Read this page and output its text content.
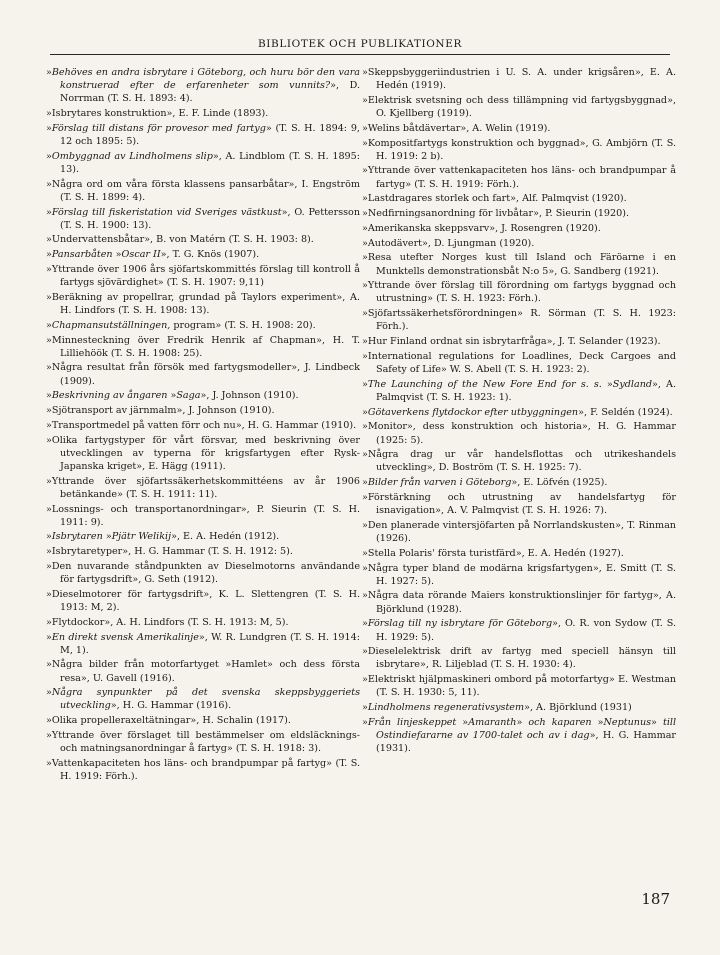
BIBLIOTEK OCH PUBLIKATIONER

»Behöves en andra isbrytare i Göteborg, och huru bör den vara konstruerad efter de erfarenheter som vunnits?», D. Norrman (T. S. H. 1893: 4).

»Isbrytares konstruktion», E. F. Linde (1893).

»Förslag till distans för provesor med fartyg» (T. S. H. 1894: 9, 12 och 1895: 5).

»Ombyggnad av Lindholmens slip», A. Lindblom (T. S. H. 1895: 13).

»Några ord om våra första klassens pansarbåtar», I. Engström (T. S. H. 1899: 4).

»Förslag till fiskeristation vid Sveriges västkust», O. Pettersson (T. S. H. 1900: 13).

»Undervattensbåtar», B. von Matérn (T. S. H. 1903: 8).

»Pansarbåten »Oscar II», T. G. Knös (1907).

»Yttrande över 1906 års sjöfartskommittés förslag till kontroll å fartygs sjövärdighet» (T. S. H. 1907: 9,11)

»Beräkning av propellrar, grundad på Taylors experiment», A. H. Lindfors (T. S. H. 1908: 13).

»Chapmansutställningen, program» (T. S. H. 1908: 20).

»Minnesteckning över Fredrik Henrik af Chapman», H. T. Lilliehöök (T. S. H. 1908: 25).

»Några resultat från försök med fartygsmodeller», J. Lindbeck (1909).

»Beskrivning av ångaren »Saga», J. Johnson (1910).

»Sjötransport av järnmalm», J. Johnson (1910).

»Transportmedel på vatten förr och nu», H. G. Hammar (1910).

»Olika fartygstyper för vårt försvar, med beskrivning över utvecklingen av typerna för krigsfartygen efter Rysk-Japanska kriget», E. Hägg (1911).

»Yttrande över sjöfartssäkerhetskommittéens av år 1906 betänkande» (T. S. H. 1911: 11).

»Lossnings- och transportanordningar», P. Sieurin (T. S. H. 1911: 9).

»Isbrytaren »Pjätr Welikij», E. A. Hedén (1912).

»Isbrytaretyper», H. G. Hammar (T. S. H. 1912: 5).

»Den nuvarande ståndpunkten av Dieselmotorns användande för fartygsdrift», G. Seth (1912).

»Dieselmotorer för fartygsdrift», K. L. Slettengren (T. S. H. 1913: M, 2).

»Flytdockor», A. H. Lindfors (T. S. H. 1913: M, 5).

»En direkt svensk Amerikalinje», W. R. Lundgren (T. S. H. 1914: M, 1).

»Några bilder från motorfartyget »Hamlet» och dess första resa», U. Gavell (1916).

»Några synpunkter på det svenska skeppsbyggeriets utveckling», H. G. Hammar (1916).

»Olika propelleraxeltätningar», H. Schalin (1917).

»Yttrande över förslaget till bestämmelser om eldsläcknings- och matningsanordningar å fartyg» (T. S. H. 1918: 3).

»Vattenkapaciteten hos läns- och brandpumpar på fartyg» (T. S. H. 1919: Förh.).

»Skeppsbyggeriindustrien i U. S. A. under krigsåren», E. A. Hedén (1919).

»Elektrisk svetsning och dess tillämpning vid fartygsbyggnad», O. Kjellberg (1919).

»Welins båtdävertar», A. Welin (1919).

»Kompositfartygs konstruktion och byggnad», G. Ambjörn (T. S. H. 1919: 2 b).

»Yttrande över vattenkapaciteten hos läns- och brandpumpar å fartyg» (T. S. H. 1919: Förh.).

»Lastdragares storlek och fart», Alf. Palmqvist (1920).

»Nedfirningsanordning för livbåtar», P. Sieurin (1920).

»Amerikanska skeppsvarv», J. Rosengren (1920).

»Autodävert», D. Ljungman (1920).

»Resa utefter Norges kust till Island och Färöarne i en Munktells demonstrationsbåt N:o 5», G. Sandberg (1921).

»Yttrande över förslag till förordning om fartygs byggnad och utrustning» (T. S. H. 1923: Förh.).

»Sjöfartssäkerhetsförordningen» R. Sörman (T. S. H. 1923: Förh.).

»Hur Finland ordnat sin isbrytarfråga», J. T. Selander (1923).

»International regulations for Loadlines, Deck Cargoes and Safety of Life» W. S. Abell (T. S. H. 1923: 2).

»The Launching of the New Fore End for s. s. »Sydland», A. Palmqvist (T. S. H. 1923: 1).

»Götaverkens flytdockor efter utbyggningen», F. Seldén (1924).

»Monitor», dess konstruktion och historia», H. G. Hammar (1925: 5).

»Några drag ur vår handelsflottas och utrikeshandels utveckling», D. Boström (T. S. H. 1925: 7).

»Bilder från varven i Göteborg», E. Löfvén (1925).

»Förstärkning och utrustning av handelsfartyg för isnavigation», A. V. Palmqvist (T. S. H. 1926: 7).

»Den planerade vintersjöfarten på Norrlandskusten», T. Rinman (1926).

»Stella Polaris' första turistfärd», E. A. Hedén (1927).

»Några typer bland de modärna krigsfartygen», E. Smitt (T. S. H. 1927: 5).

»Några data rörande Maiers konstruktionslinjer för fartyg», A. Björklund (1928).

»Förslag till ny isbrytare för Göteborg», O. R. von Sydow (T. S. H. 1929: 5).

»Dieselelektrisk drift av fartyg med speciell hänsyn till isbrytare», R. Liljeblad (T. S. H. 1930: 4).

»Elektriskt hjälpmaskineri ombord på motorfartyg» E. Westman (T. S. H. 1930: 5, 11).

»Lindholmens regenerativsystem», A. Björklund (1931)

»Från linjeskeppet »Amaranth» och kaparen »Neptunus» till Ostindiefararne av 1700-talet och av i dag», H. G. Hammar (1931).

187
